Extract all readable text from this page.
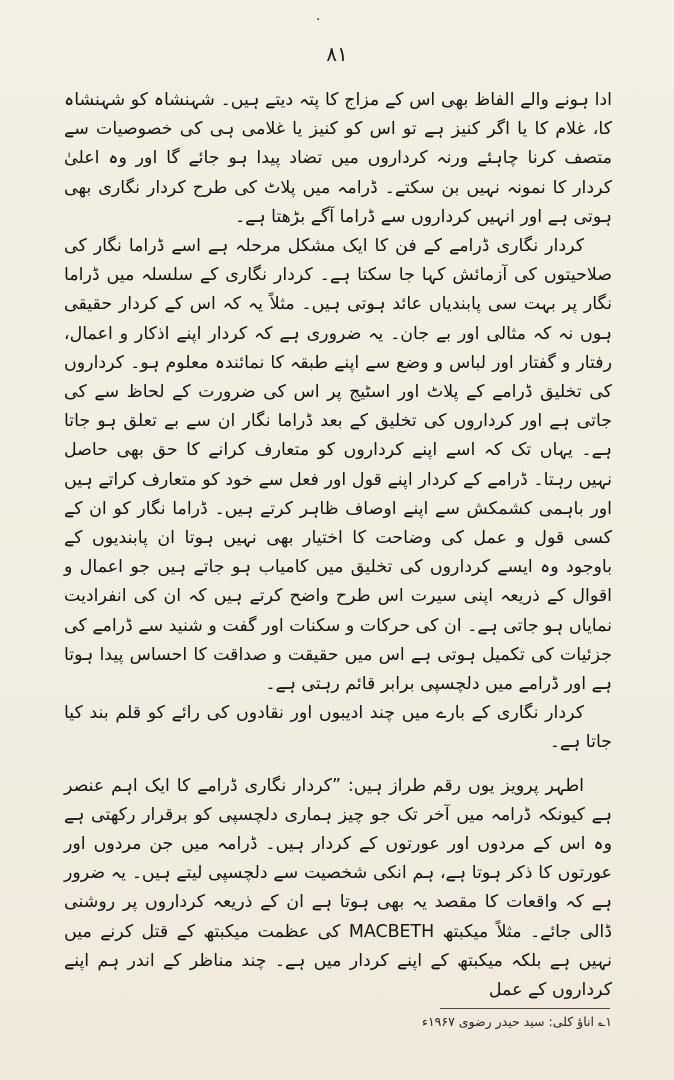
·
۸۱

ادا ہونے والے الفاظ بھی اس کے مزاج کا پتہ دیتے ہیں۔ شہنشاہ کو شہنشاہ کا، غلام کا یا اگر کنیز ہے تو اس کو کنیز یا غلامی ہی کی خصوصیات سے متصف کرنا چاہئے ورنہ کرداروں میں تضاد پیدا ہو جائے گا اور وہ اعلیٰ کردار کا نمونہ نہیں بن سکتے۔ ڈرامہ میں پلاٹ کی طرح کردار نگاری بھی ہوتی ہے اور انہیں کرداروں سے ڈراما آگے بڑھتا ہے۔

کردار نگاری ڈرامے کے فن کا ایک مشکل مرحلہ ہے اسے ڈراما نگار کی صلاحیتوں کی آزمائش کہا جا سکتا ہے۔ کردار نگاری کے سلسلہ میں ڈراما نگار پر بہت سی پابندیاں عائد ہوتی ہیں۔ مثلاً یہ کہ اس کے کردار حقیقی ہوں نہ کہ مثالی اور بے جان۔ یہ ضروری ہے کہ کردار اپنے اذکار و اعمال، رفتار و گفتار اور لباس و وضع سے اپنے طبقہ کا نمائندہ معلوم ہو۔ کرداروں کی تخلیق ڈرامے کے پلاٹ اور اسٹیج پر اس کی ضرورت کے لحاظ سے کی جاتی ہے اور کرداروں کی تخلیق کے بعد ڈراما نگار ان سے بے تعلق ہو جاتا ہے۔ یہاں تک کہ اسے اپنے کرداروں کو متعارف کرانے کا حق بھی حاصل نہیں رہتا۔ ڈرامے کے کردار اپنے قول اور فعل سے خود کو متعارف کراتے ہیں اور باہمی کشمکش سے اپنے اوصاف ظاہر کرتے ہیں۔ ڈراما نگار کو ان کے کسی قول و عمل کی وضاحت کا اختیار بھی نہیں ہوتا ان پابندیوں کے باوجود وہ ایسے کرداروں کی تخلیق میں کامیاب ہو جاتے ہیں جو اعمال و اقوال کے ذریعہ اپنی سیرت اس طرح واضح کرتے ہیں کہ ان کی انفرادیت نمایاں ہو جاتی ہے۔ ان کی حرکات و سکنات اور گفت و شنید سے ڈرامے کی جزئیات کی تکمیل ہوتی ہے اس میں حقیقت و صداقت کا احساس پیدا ہوتا ہے اور ڈرامے میں دلچسپی برابر قائم رہتی ہے۔

کردار نگاری کے بارے میں چند ادیبوں اور نقادوں کی رائے کو قلم بند کیا جاتا ہے۔

اطہر پرویز یوں رقم طراز ہیں: ”کردار نگاری ڈرامے کا ایک اہم عنصر ہے کیونکہ ڈرامہ میں آخر تک جو چیز ہماری دلچسپی کو برقرار رکھتی ہے وہ اس کے مردوں اور عورتوں کے کردار ہیں۔ ڈرامہ میں جن مردوں اور عورتوں کا ذکر ہوتا ہے، ہم انکی شخصیت سے دلچسپی لیتے ہیں۔ یہ ضرور ہے کہ واقعات کا مقصد یہ بھی ہوتا ہے ان کے ذریعہ کرداروں پر روشنی ڈالی جائے۔ مثلاً میکبتھ MACBETH کی عظمت میکبتھ کے قتل کرنے میں نہیں ہے بلکہ میکبتھ کے اپنے کردار میں ہے۔ چند مناظر کے اندر ہم اپنے کرداروں کے عمل

۱؎ اناؤ کلی: سید حیدر رضوی ۱۹۶۷ء
